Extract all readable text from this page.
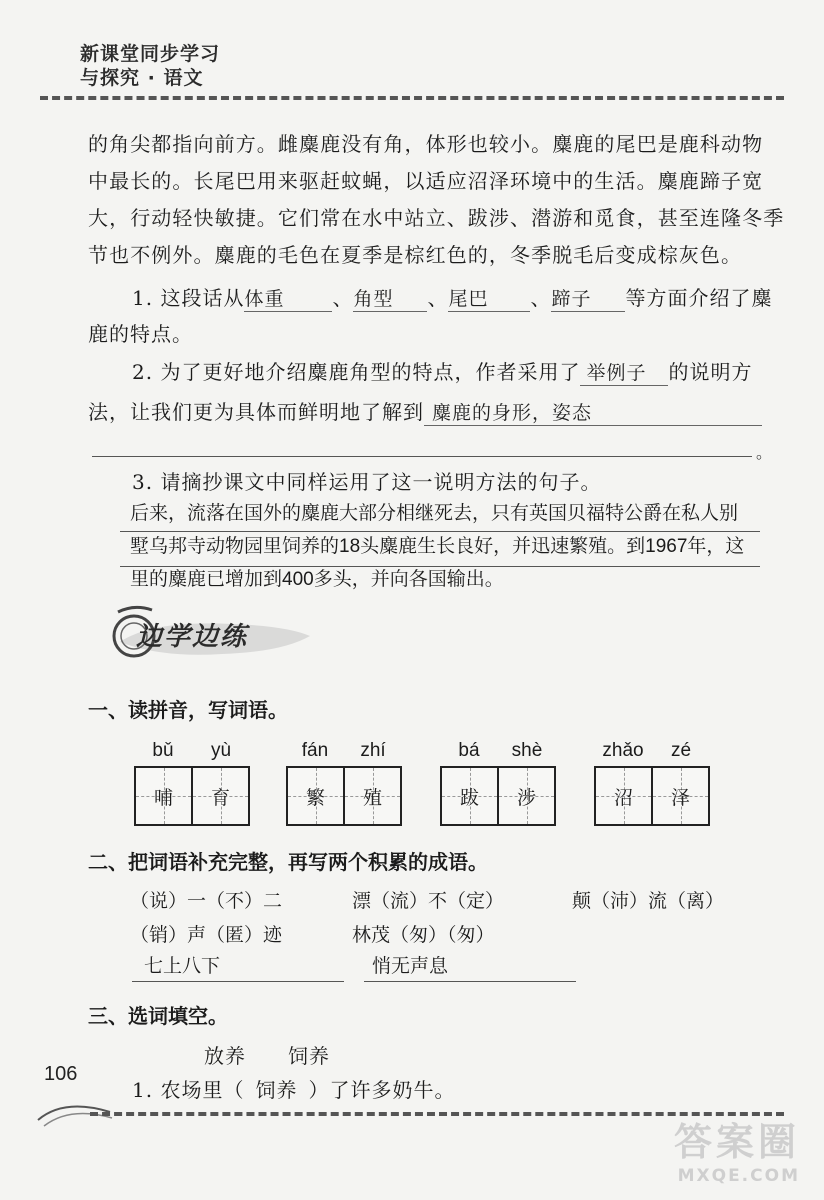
新课堂同步学习
与探究 · 语文
的角尖都指向前方。雌麋鹿没有角，体形也较小。麋鹿的尾巴是鹿科动物
中最长的。长尾巴用来驱赶蚊蝇，以适应沼泽环境中的生活。麋鹿蹄子宽
大，行动轻快敏捷。它们常在水中站立、跋涉、潜游和觅食，甚至连隆冬季
节也不例外。麋鹿的毛色在夏季是棕红色的，冬季脱毛后变成棕灰色。
1. 这段话从体重 、角型 、尾巴 、蹄子 等方面介绍了麋
鹿的特点。
2. 为了更好地介绍麋鹿角型的特点，作者采用了 举例子 的说明方
法，让我们更为具体而鲜明地了解到 麋鹿的身形，姿态
。
3. 请摘抄课文中同样运用了这一说明方法的句子。
后来，流落在国外的麋鹿大部分相继死去，只有英国贝福特公爵在私人别
墅乌邦寺动物园里饲养的18头麋鹿生长良好，并迅速繁殖。到1967年，这
里的麋鹿已增加到400多头，并向各国输出。
边学边练
一、读拼音，写词语。
bǔ	yù
哺 育
fán	zhí
繁 殖
bá	shè
跋 涉
zhǎo	zé
沼 泽
二、把词语补充完整，再写两个积累的成语。
（说）一（不）二	漂（流）不（定）	颠（沛）流（离）
（销）声（匿）迹	林茂（匆）（匆）
七上八下	悄无声息
三、选词填空。
放养　　饲养
1. 农场里（ 饲养 ）了许多奶牛。
106
答案圈
MXQE.COM
